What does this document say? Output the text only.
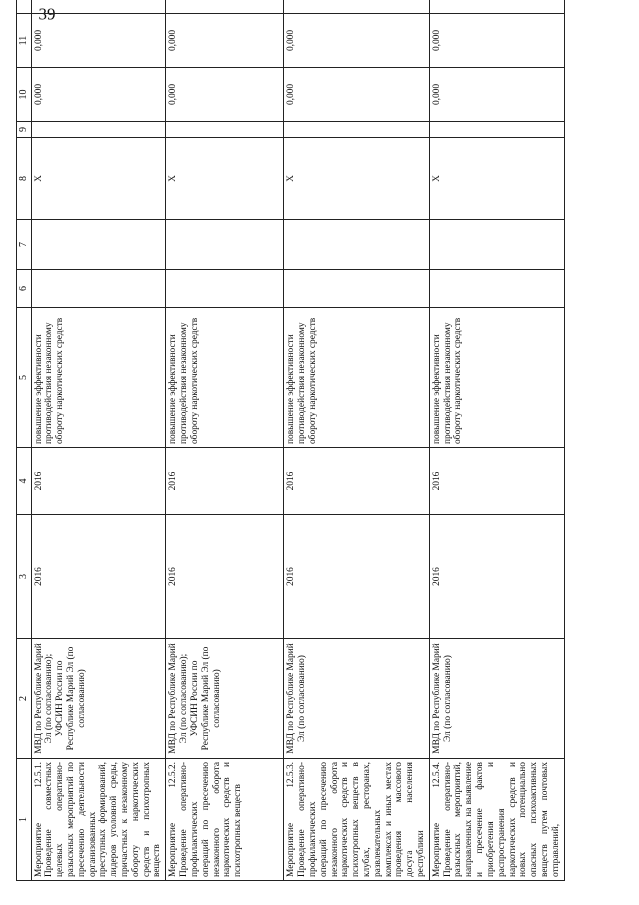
39
1	2	3	4	5	6	7	8	9	10	11		
Мероприятие 12.5.1. Проведение совместных целевых оперативно-разыскных мероприятий по пресечению деятельности организованных преступных формирований, лидеров уголовной среды, причастных к незаконному обороту наркотических средств и психотропных веществ	МВД по Республике Марий Эл (по согласованию); УФСИН России по Республике Марий Эл (по согласованию)	2016	2016	повышение эффективности противодействия незаконному обороту наркотических средств			X		0,000	0,000		
Мероприятие 12.5.2. Проведение оперативно-профилактических операций по пресечению незаконного оборота наркотических средств и психотропных веществ	МВД по Республике Марий Эл (по согласованию); УФСИН России по Республике Марий Эл (по согласованию)	2016	2016	повышение эффективности противодействия незаконному обороту наркотических средств			X		0,000	0,000		
Мероприятие 12.5.3. Проведение оперативно-профилактических операций по пресечению незаконного оборота наркотических средств и психотропных веществ в клубах, ресторанах, развлекательных комплексах и иных местах проведения массового досуга населения республики	МВД по Республике Марий Эл (по согласованию)	2016	2016	повышение эффективности противодействия незаконному обороту наркотических средств			X		0,000	0,000		
Мероприятие 12.5.4. Проведение оперативно-разыскных мероприятий, направленных на выявление и пресечение фактов приобретения и распространения наркотических средств и новых потенциально опасных психоактивных веществ путем почтовых отправлений,	МВД по Республике Марий Эл (по согласованию)	2016	2016	повышение эффективности противодействия незаконному обороту наркотических средств			X		0,000	0,000		
